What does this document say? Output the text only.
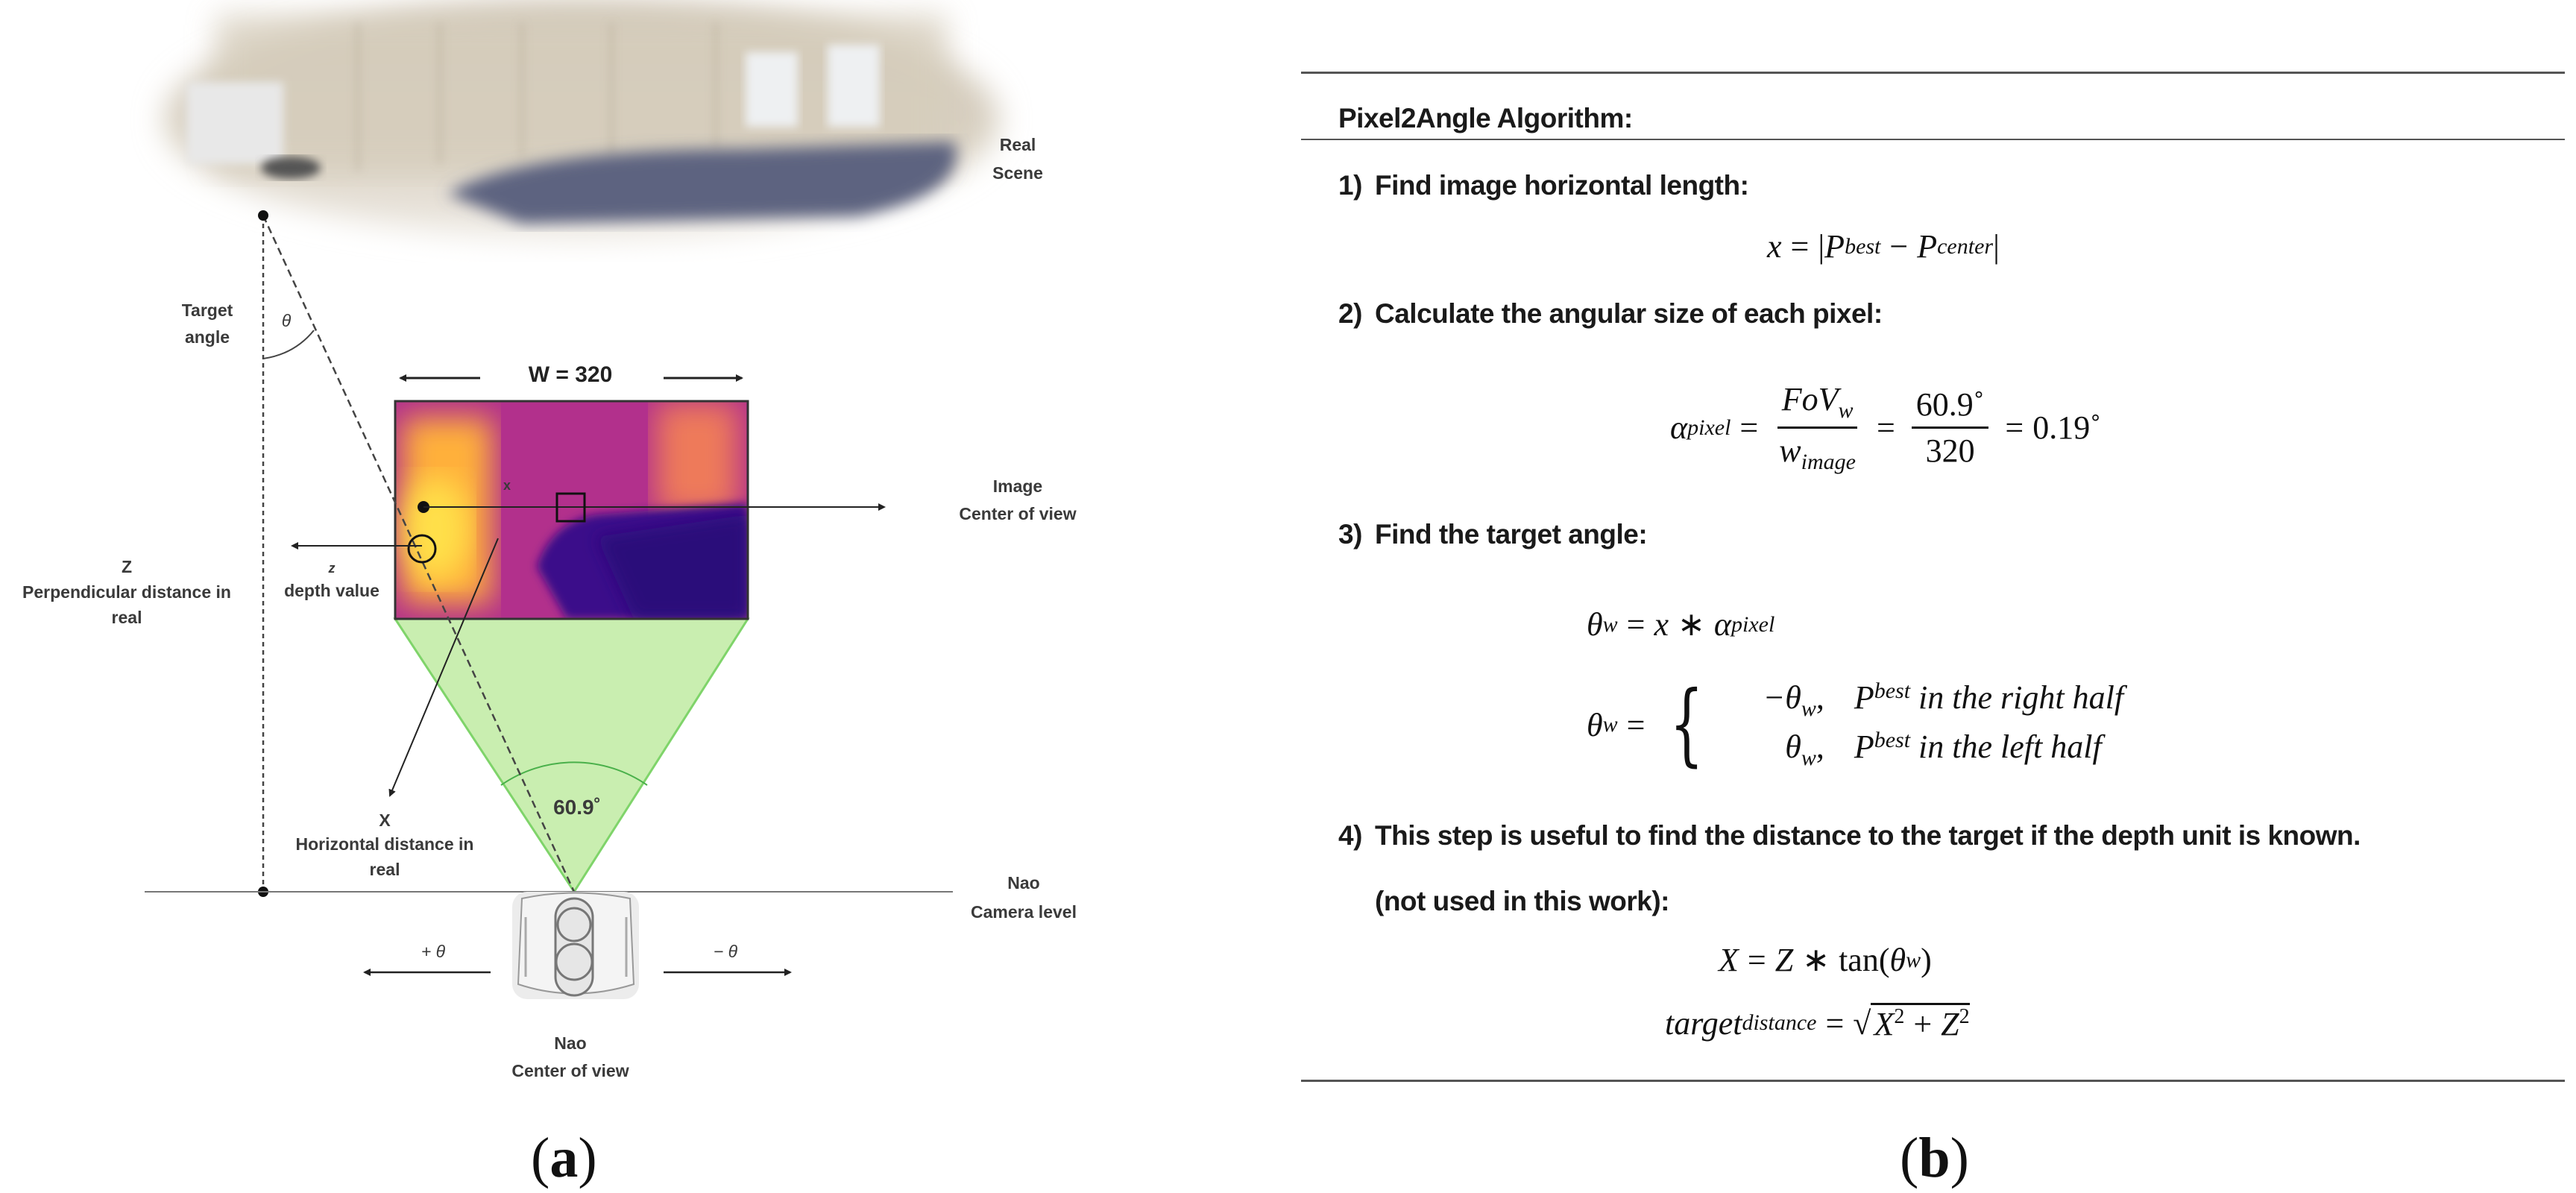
Real
Scene
60.9˚
W = 320
θ
Target
angle
x	Image
Center of view
z
depth value
Z
Perpendicular distance in
real
X
Horizontal distance in
real
Nao
Camera level
+ θ	− θ
Nao
Center of view
(a)
Pixel2Angle Algorithm:
1) Find image horizontal length:
x = | P best − P center |
2) Calculate the angular size of each pixel:
α pixel = $\frac{FoV_w}{w_{image}} = \frac{60.9˚}{320}$ = 0.19˚
3) Find the target angle:
θ w = x ∗ α pixel
θ w = {	$-\theta_w$, P best
in the right half
$\theta_w$, P best
in the left half
4) This step is useful to find the distance to the target if the depth unit is known.
(not used in this work):
X = Z ∗ tan( θ w )
target distance = √ $X^2 + Z^2$
(b)
